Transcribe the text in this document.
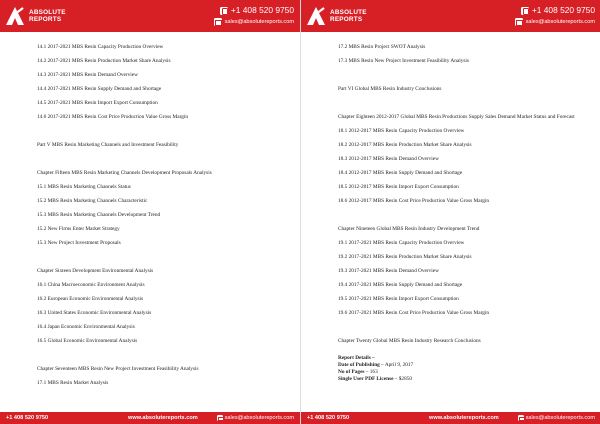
ABSOLUTE
REPORTS
+1 408 520 9750
sales@absolutereports.com
14.1 2017-2021 MBS Resin Capacity Production Overview
14.2 2017-2021 MBS Resin Production Market Share Analysis
14.3 2017-2021 MBS Resin Demand Overview
14.4 2017-2021 MBS Resin Supply Demand and Shortage
14.5 2017-2021 MBS Resin Import Export Consumption
14.6 2017-2021 MBS Resin Cost Price Production Value Gross Margin
Part V MBS Resin Marketing Channels and Investment Feasibility
Chapter Fifteen MBS Resin Marketing Channels Development Proposals Analysis
15.1 MBS Resin Marketing Channels Status
15.2 MBS Resin Marketing Channels Characteristic
15.3 MBS Resin Marketing Channels Development Trend
15.2 New Firms Enter Market Strategy
15.3 New Project Investment Proposals
Chapter Sixteen Development Environmental Analysis
16.1 China Macroeconomic Environment Analysis
16.2 European Economic Environmental Analysis
16.3 United States Economic Environmental Analysis
16.4 Japan Economic Environmental Analysis
16.5 Global Economic Environmental Analysis
Chapter Seventeen MBS Resin New Project Investment Feasibility Analysis
17.1 MBS Resin Market Analysis
+1 408 520 9750	www.absolutereports.com	sales@absolutereports.com
ABSOLUTE
REPORTS
+1 408 520 9750
sales@absolutereports.com
17.2 MBS Resin Project SWOT Analysis
17.3 MBS Resin New Project Investment Feasibility Analysis
Part VI Global MBS Resin Industry Conclusions
Chapter Eighteen 2012-2017 Global MBS Resin Productions Supply Sales Demand Market Status and Forecast
18.1 2012-2017 MBS Resin Capacity Production Overview
18.2 2012-2017 MBS Resin Production Market Share Analysis
18.3 2012-2017 MBS Resin Demand Overview
18.4 2012-2017 MBS Resin Supply Demand and Shortage
18.5 2012-2017 MBS Resin Import Export Consumption
18.6 2012-2017 MBS Resin Cost Price Production Value Gross Margin
Chapter Nineteen Global MBS Resin Industry Development Trend
19.1 2017-2021 MBS Resin Capacity Production Overview
19.2 2017-2021 MBS Resin Production Market Share Analysis
19.3 2017-2021 MBS Resin Demand Overview
19.4 2017-2021 MBS Resin Supply Demand and Shortage
19.5 2017-2021 MBS Resin Import Export Consumption
19.6 2017-2021 MBS Resin Cost Price Production Value Gross Margin
Chapter Twenty Global MBS Resin Industry Research Conclusions
Report Details –
Date of Publishing – April 9, 2017
No of Pages – 163
Single User PDF License – $2850
+1 408 520 9750	www.absolutereports.com	sales@absolutereports.com
